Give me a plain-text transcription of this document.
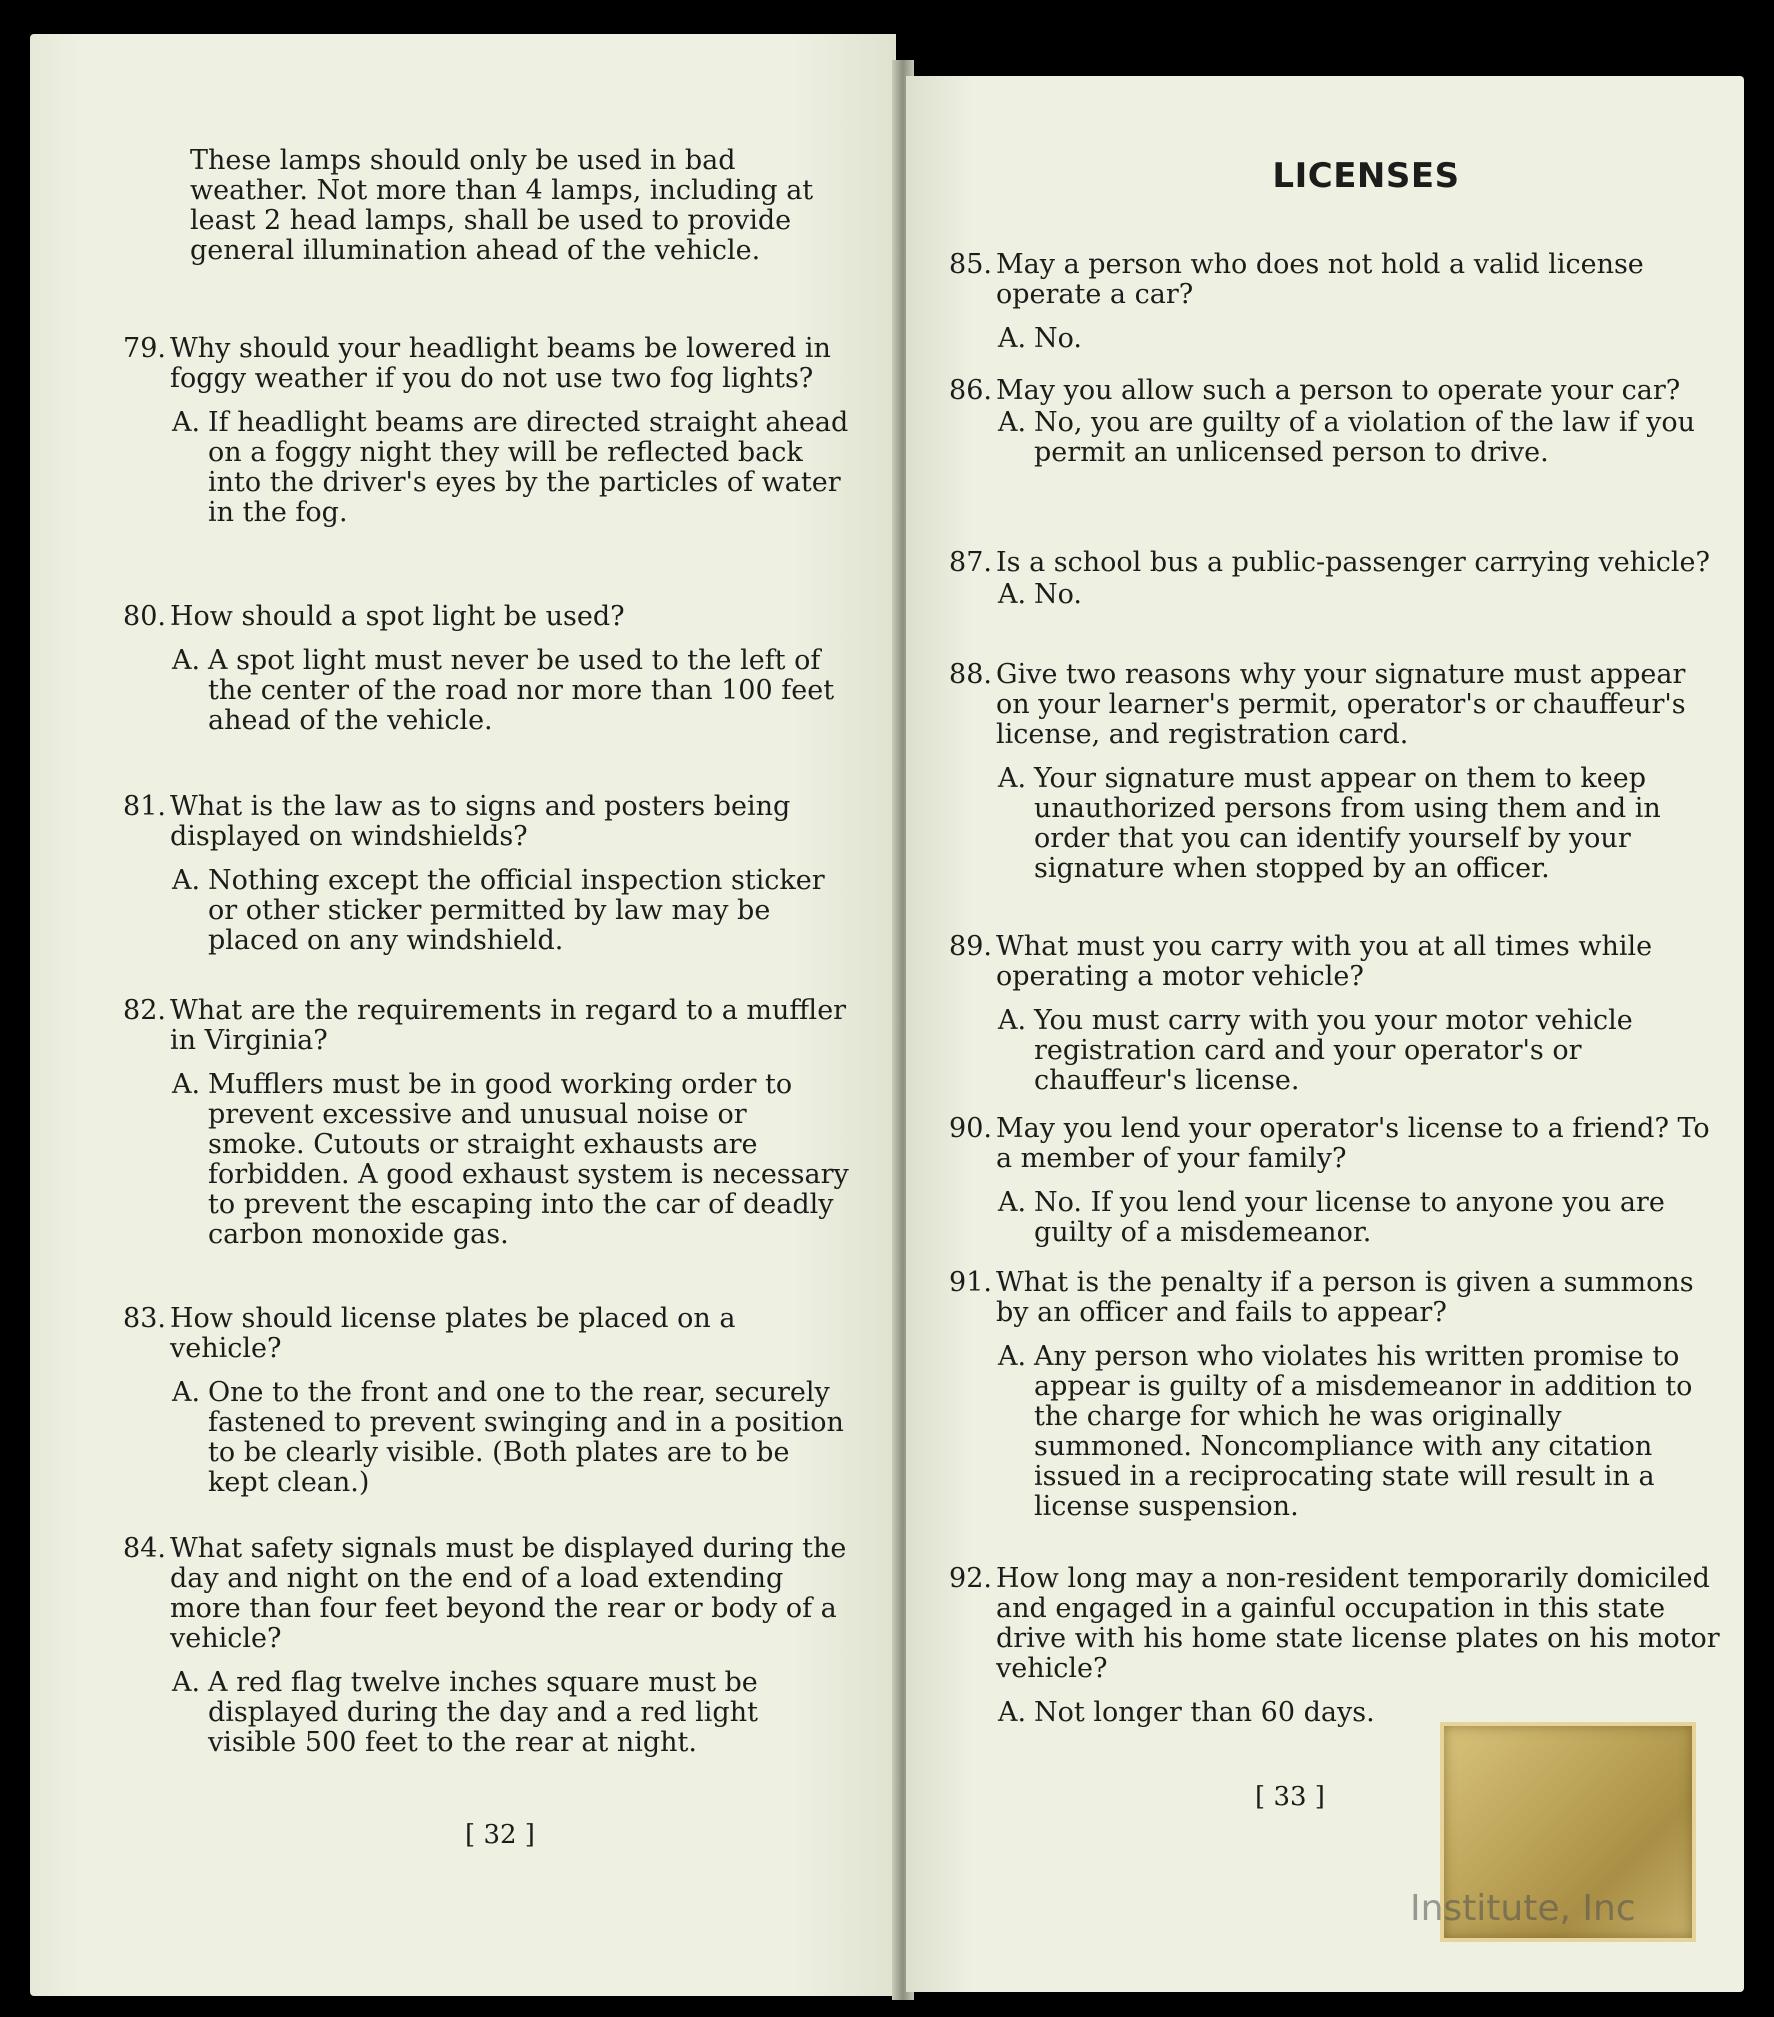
These lamps should only be used in bad weather. Not more than 4 lamps, including at least 2 head lamps, shall be used to provide general illumination ahead of the vehicle.
79. Why should your headlight beams be lowered in foggy weather if you do not use two fog lights?
A. If headlight beams are directed straight ahead on a foggy night they will be reflected back into the driver's eyes by the particles of water in the fog.
80. How should a spot light be used?
A. A spot light must never be used to the left of the center of the road nor more than 100 feet ahead of the vehicle.
81. What is the law as to signs and posters being displayed on windshields?
A. Nothing except the official inspection sticker or other sticker permitted by law may be placed on any windshield.
82. What are the requirements in regard to a muffler in Virginia?
A. Mufflers must be in good working order to prevent excessive and unusual noise or smoke. Cutouts or straight exhausts are forbidden. A good exhaust system is necessary to prevent the escaping into the car of deadly carbon monoxide gas.
83. How should license plates be placed on a vehicle?
A. One to the front and one to the rear, securely fastened to prevent swinging and in a position to be clearly visible. (Both plates are to be kept clean.)
84. What safety signals must be displayed during the day and night on the end of a load extending more than four feet beyond the rear or body of a vehicle?
A. A red flag twelve inches square must be displayed during the day and a red light visible 500 feet to the rear at night.
[ 32 ]
LICENSES
85. May a person who does not hold a valid license operate a car?
A. No.
86. May you allow such a person to operate your car?
A. No, you are guilty of a violation of the law if you permit an unlicensed person to drive.
87. Is a school bus a public-passenger carrying vehicle?
A. No.
88. Give two reasons why your signature must appear on your learner's permit, operator's or chauffeur's license, and registration card.
A. Your signature must appear on them to keep unauthorized persons from using them and in order that you can identify yourself by your signature when stopped by an officer.
89. What must you carry with you at all times while operating a motor vehicle?
A. You must carry with you your motor vehicle registration card and your operator's or chauffeur's license.
90. May you lend your operator's license to a friend? To a member of your family?
A. No. If you lend your license to anyone you are guilty of a misdemeanor.
91. What is the penalty if a person is given a summons by an officer and fails to appear?
A. Any person who violates his written promise to appear is guilty of a misdemeanor in addition to the charge for which he was originally summoned. Noncompliance with any citation issued in a reciprocating state will result in a license suspension.
92. How long may a non-resident temporarily domiciled and engaged in a gainful occupation in this state drive with his home state license plates on his motor vehicle?
A. Not longer than 60 days.
[ 33 ]
Institute, Inc
